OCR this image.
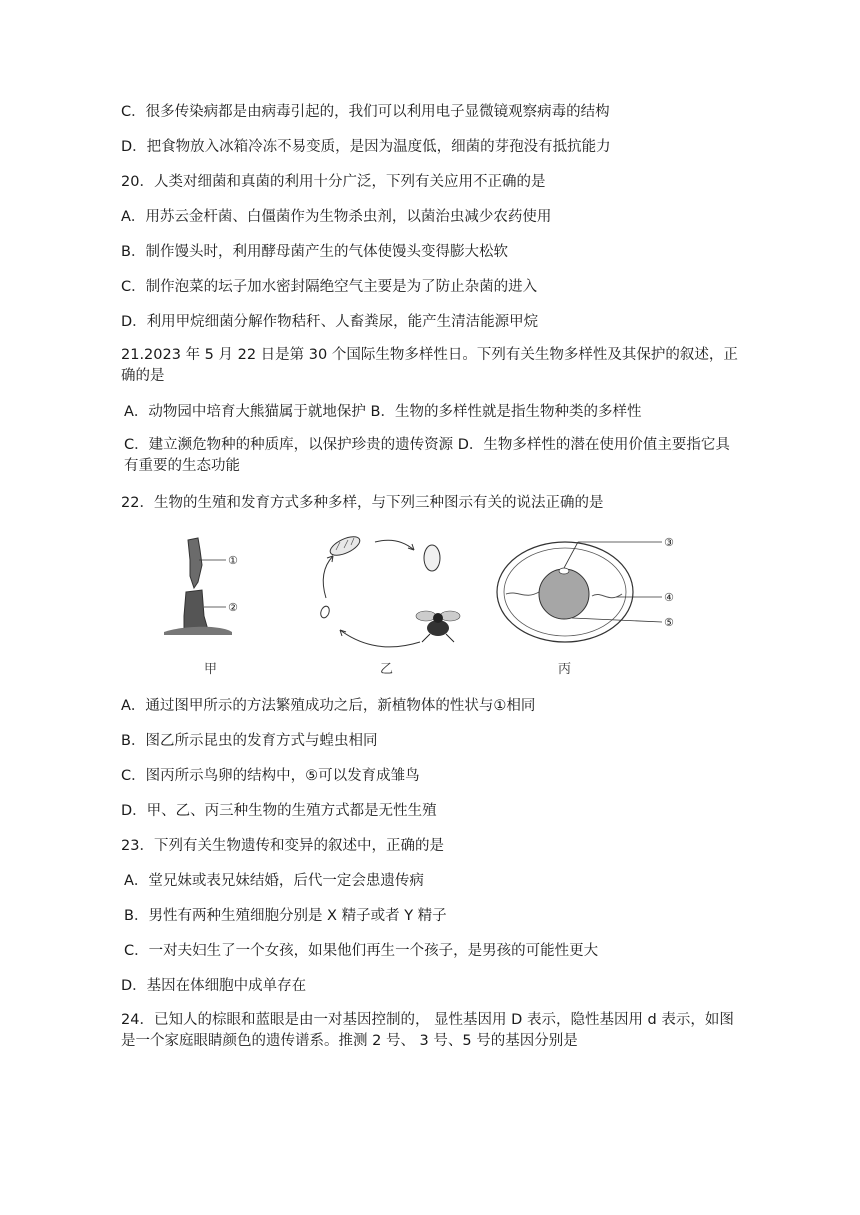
C．很多传染病都是由病毒引起的，我们可以利用电子显微镜观察病毒的结构
D．把食物放入冰箱冷冻不易变质，是因为温度低，细菌的芽孢没有抵抗能力
20．人类对细菌和真菌的利用十分广泛，下列有关应用不正确的是
A．用苏云金杆菌、白僵菌作为生物杀虫剂，以菌治虫减少农药使用
B．制作馒头时，利用酵母菌产生的气体使馒头变得膨大松软
C．制作泡菜的坛子加水密封隔绝空气主要是为了防止杂菌的进入
D．利用甲烷细菌分解作物秸秆、人畜粪尿，能产生清洁能源甲烷
21.2023 年 5 月 22 日是第 30 个国际生物多样性日。下列有关生物多样性及其保护的叙述，正确的是
A．动物园中培育大熊猫属于就地保护 B．生物的多样性就是指生物种类的多样性
C．建立濒危物种的种质库，以保护珍贵的遗传资源 D．生物多样性的潜在使用价值主要指它具有重要的生态功能
22．生物的生殖和发育方式多种多样，与下列三种图示有关的说法正确的是
①
②
甲	乙
③
④
⑤
丙
A．通过图甲所示的方法繁殖成功之后，新植物体的性状与①相同
B．图乙所示昆虫的发育方式与蝗虫相同
C．图丙所示鸟卵的结构中，⑤可以发育成雏鸟
D．甲、乙、丙三种生物的生殖方式都是无性生殖
23．下列有关生物遗传和变异的叙述中，正确的是
A．堂兄妹或表兄妹结婚，后代一定会患遗传病
B．男性有两种生殖细胞分别是 X 精子或者 Y 精子
C．一对夫妇生了一个女孩，如果他们再生一个孩子，是男孩的可能性更大
D．基因在体细胞中成单存在
24．已知人的棕眼和蓝眼是由一对基因控制的， 显性基因用 D 表示，隐性基因用 d 表示，如图是一个家庭眼睛颜色的遗传谱系。推测 2 号、 3 号、5 号的基因分别是
